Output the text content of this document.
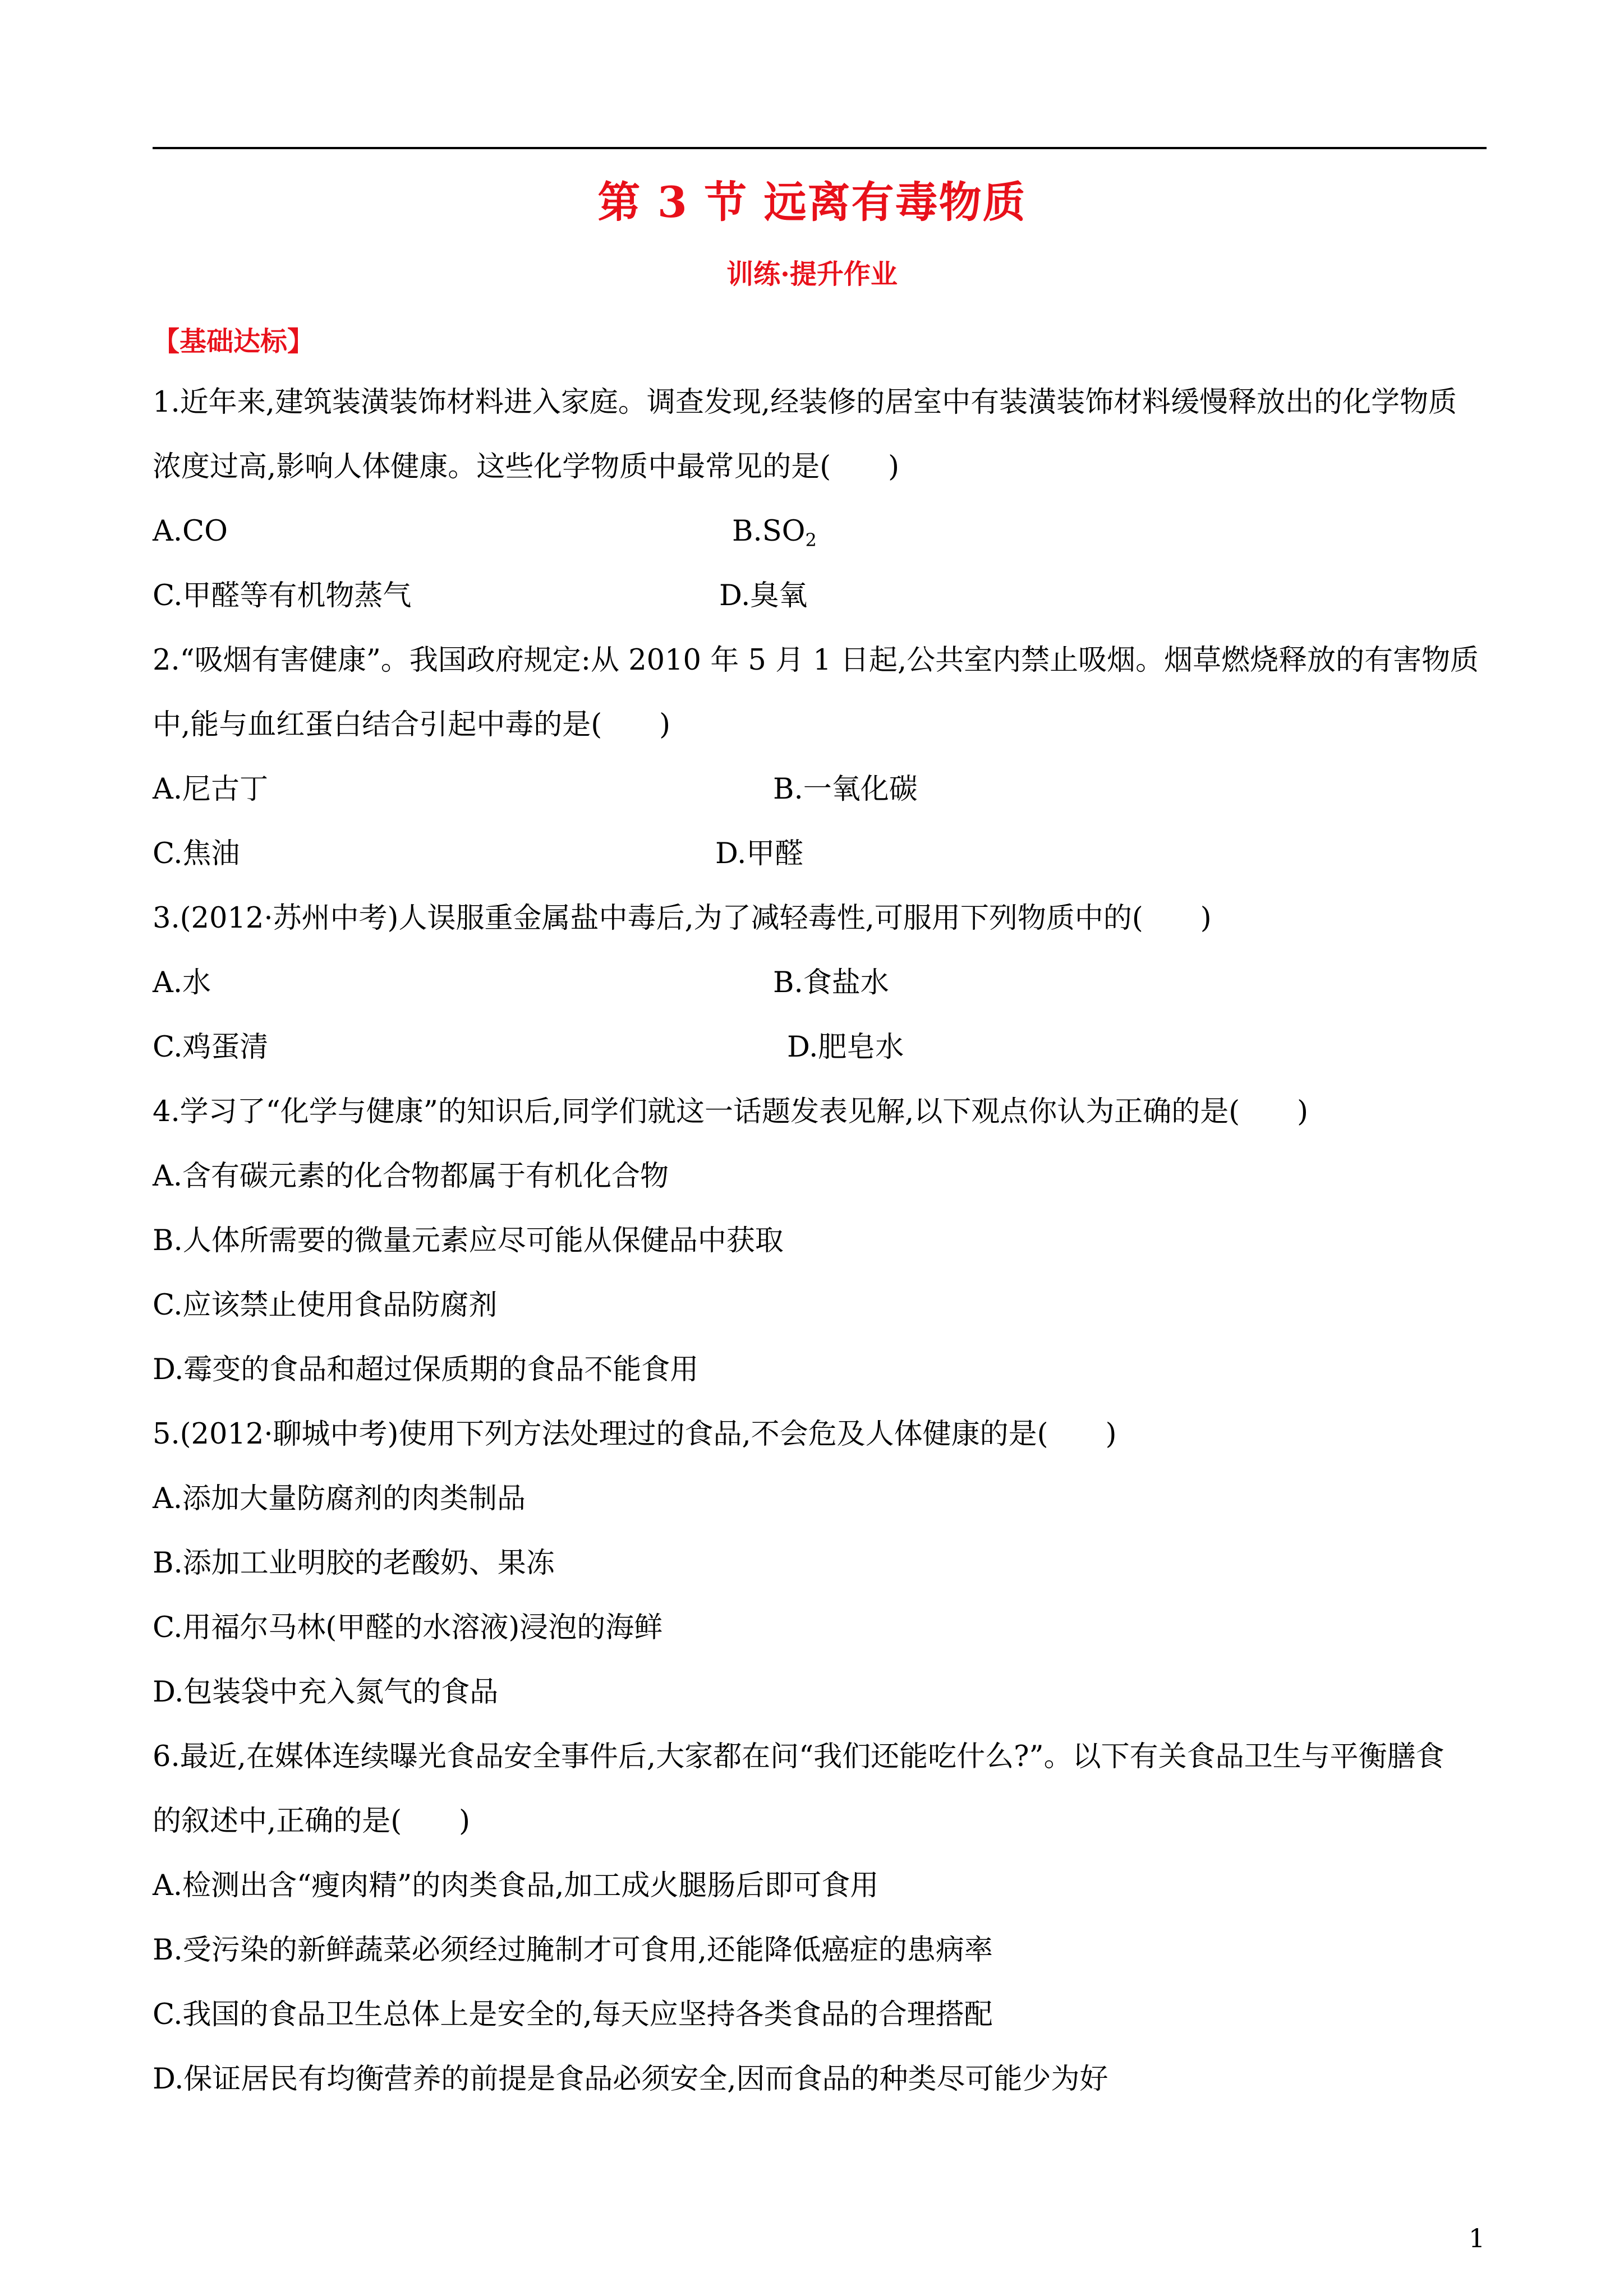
第 3 节 远离有毒物质
训练·提升作业
【基础达标】
1.近年来,建筑装潢装饰材料进入家庭。调查发现,经装修的居室中有装潢装饰材料缓慢释放出的化学物质
浓度过高,影响人体健康。这些化学物质中最常见的是(　　)
A.CO	$B.SO_2$
C.甲醛等有机物蒸气	D.臭氧
2.“吸烟有害健康”。我国政府规定:从 2010 年 5 月 1 日起,公共室内禁止吸烟。烟草燃烧释放的有害物质
中,能与血红蛋白结合引起中毒的是(　　)
A.尼古丁	B.一氧化碳
C.焦油	D.甲醛
3.(2012·苏州中考)人误服重金属盐中毒后,为了减轻毒性,可服用下列物质中的(　　)
A.水	B.食盐水
C.鸡蛋清	D.肥皂水
4.学习了“化学与健康”的知识后,同学们就这一话题发表见解,以下观点你认为正确的是(　　)
A.含有碳元素的化合物都属于有机化合物
B.人体所需要的微量元素应尽可能从保健品中获取
C.应该禁止使用食品防腐剂
D.霉变的食品和超过保质期的食品不能食用
5.(2012·聊城中考)使用下列方法处理过的食品,不会危及人体健康的是(　　)
A.添加大量防腐剂的肉类制品
B.添加工业明胶的老酸奶、果冻
C.用福尔马林(甲醛的水溶液)浸泡的海鲜
D.包装袋中充入氮气的食品
6.最近,在媒体连续曝光食品安全事件后,大家都在问“我们还能吃什么?”。以下有关食品卫生与平衡膳食
的叙述中,正确的是(　　)
A.检测出含“瘦肉精”的肉类食品,加工成火腿肠后即可食用
B.受污染的新鲜蔬菜必须经过腌制才可食用,还能降低癌症的患病率
C.我国的食品卫生总体上是安全的,每天应坚持各类食品的合理搭配
D.保证居民有均衡营养的前提是食品必须安全,因而食品的种类尽可能少为好
1
